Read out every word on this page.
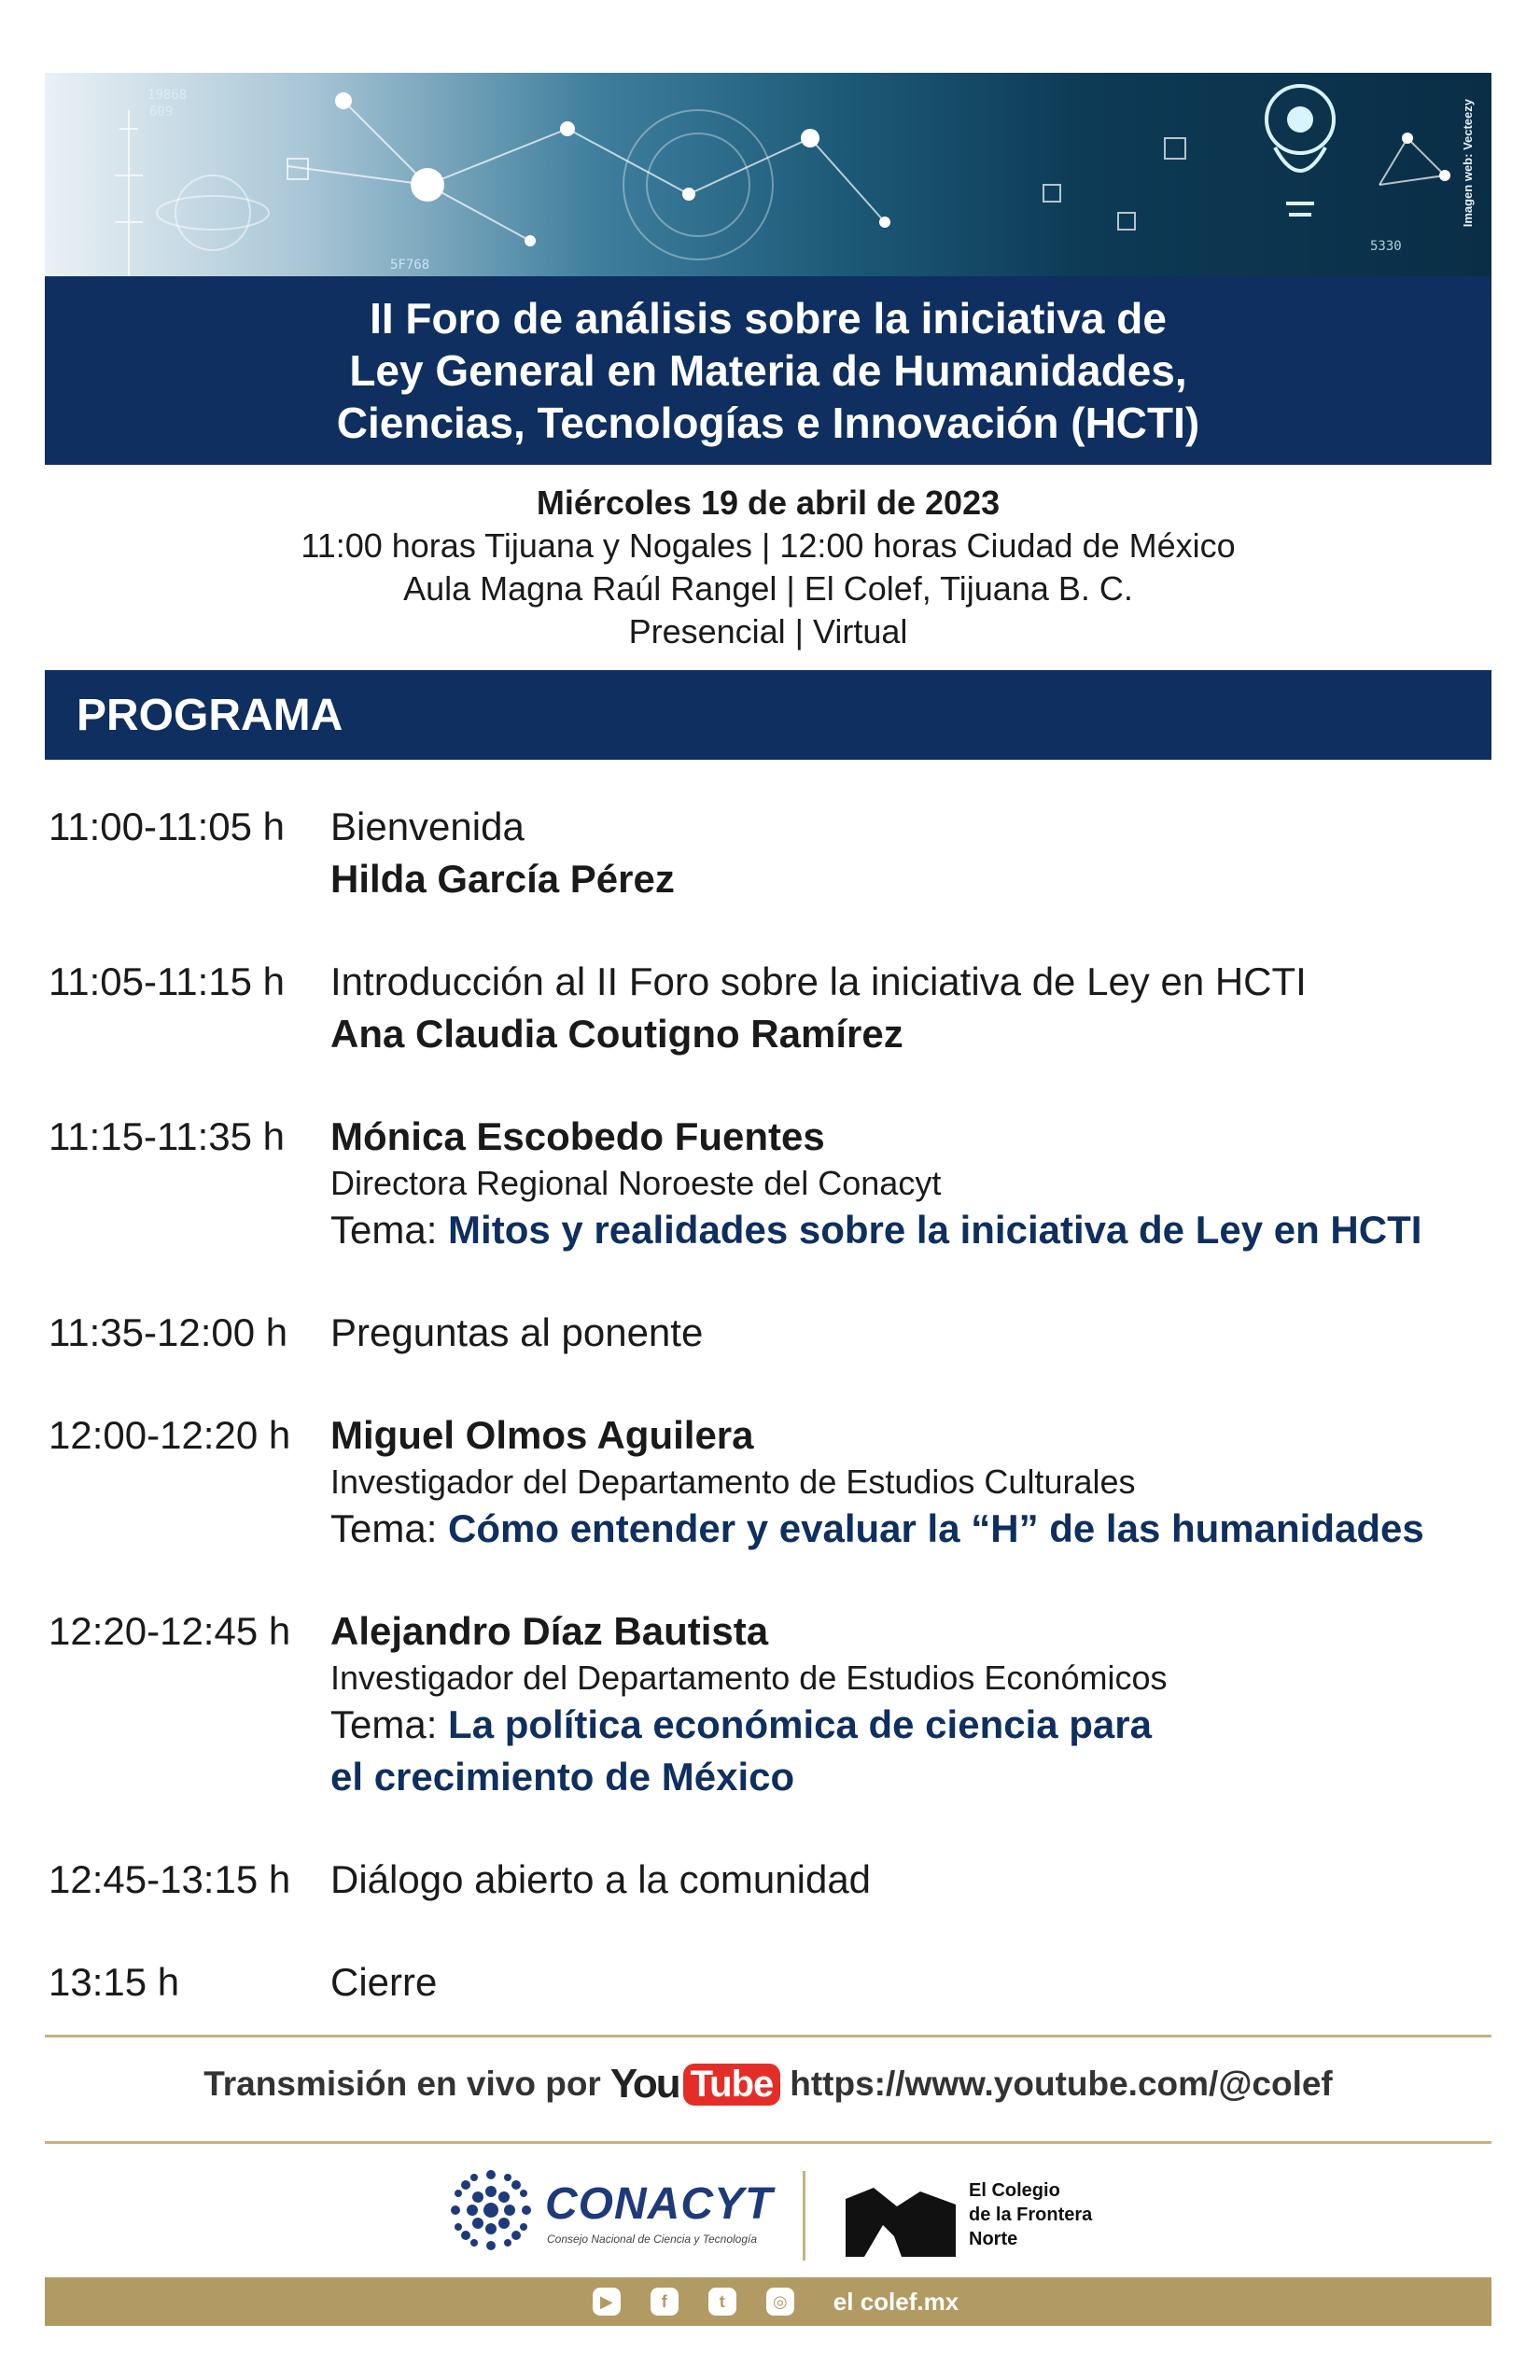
19868
609
5F768
5330
Imagen web: Vecteezy
II Foro de análisis sobre la iniciativa de
Ley General en Materia de Humanidades,
Ciencias, Tecnologías e Innovación (HCTI)
Miércoles 19 de abril de 2023
11:00 horas Tijuana y Nogales | 12:00 horas Ciudad de México
Aula Magna Raúl Rangel | El Colef, Tijuana B. C.
Presencial | Virtual
PROGRAMA
11:00-11:05 h	Bienvenida
Hilda García Pérez
11:05-11:15 h	Introducción al II Foro sobre la iniciativa de Ley en HCTI
Ana Claudia Coutigno Ramírez
11:15-11:35 h	Mónica Escobedo Fuentes
Directora Regional Noroeste del Conacyt
Tema: Mitos y realidades sobre la iniciativa de Ley en HCTI
11:35-12:00 h	Preguntas al ponente
12:00-12:20 h	Miguel Olmos Aguilera
Investigador del Departamento de Estudios Culturales
Tema: Cómo entender y evaluar la “H” de las humanidades
12:20-12:45 h	Alejandro Díaz Bautista
Investigador del Departamento de Estudios Económicos
Tema: La política económica de ciencia para
el crecimiento de México
12:45-13:15 h	Diálogo abierto a la comunidad
13:15 h	Cierre
Transmisión en vivo por You Tube https://www.youtube.com/@colef
CONACYT
Consejo Nacional de Ciencia y Tecnología
El Colegio
de la Frontera
Norte
▶	f	t	◎ el colef.mx
